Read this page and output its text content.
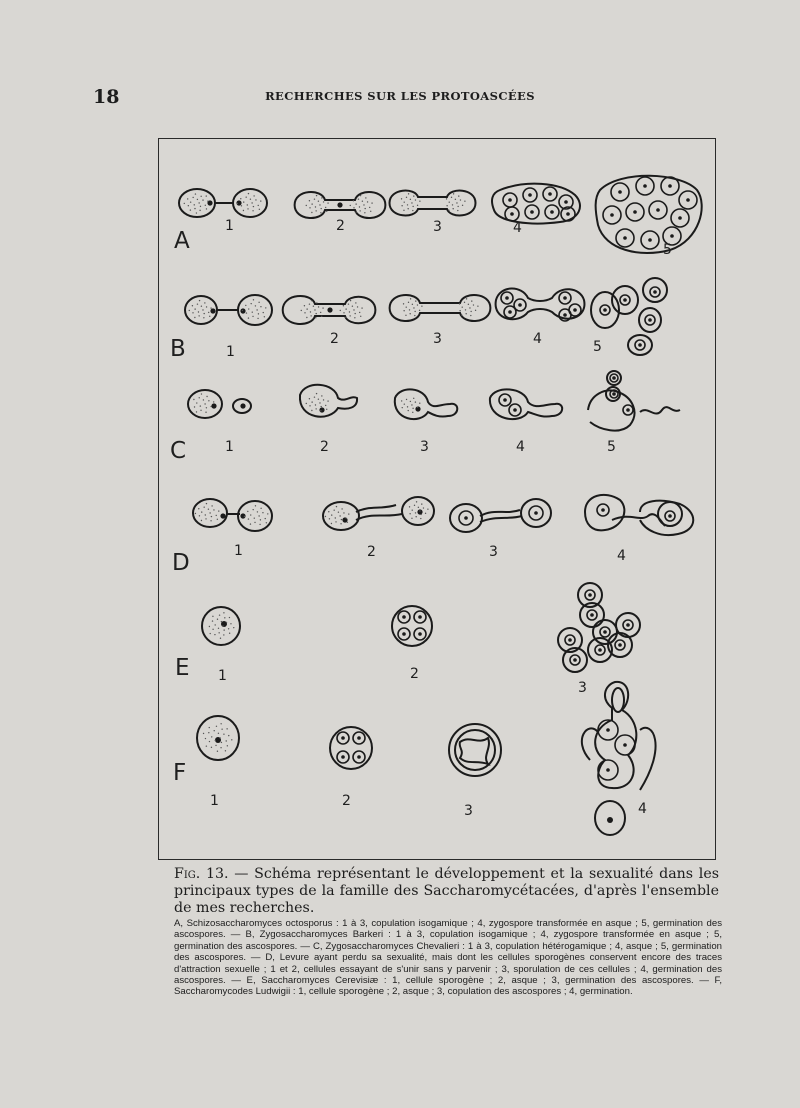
18	RECHERCHES SUR LES PROTOASCÉES
A
1	2	3	4
5
B	1
2	3	4	5
C	1	2	3	4	5
D	1	2	3	4
E 1	2
3
F
1	2
3	4
Fig. 13. — Schéma représentant le développement et la sexualité dans les principaux types de la famille des Saccharomycétacées, d'après l'ensemble de mes recherches.

A, Schizosaccharomyces octosporus : 1 à 3, copulation isogamique ; 4, zygospore transformée en asque ; 5, germination des ascospores. — B, Zygosaccharomyces Barkeri : 1 à 3, copulation isogamique ; 4, zygospore transformée en asque ; 5, germination des ascospores. — C, Zygosaccharomyces Chevalieri : 1 à 3, copulation hétérogamique ; 4, asque ; 5, germination des ascospores. — D, Levure ayant perdu sa sexualité, mais dont les cellules sporogènes conservent encore des traces d'attraction sexuelle ; 1 et 2, cellules essayant de s'unir sans y parvenir ; 3, sporulation de ces cellules ; 4, germination des ascospores. — E, Saccharomyces Cerevisiæ : 1, cellule sporogène ; 2, asque ; 3, germination des ascospores. — F, Saccharomycodes Ludwigii : 1, cellule sporogène ; 2, asque ; 3, copulation des ascospores ; 4, germination.
